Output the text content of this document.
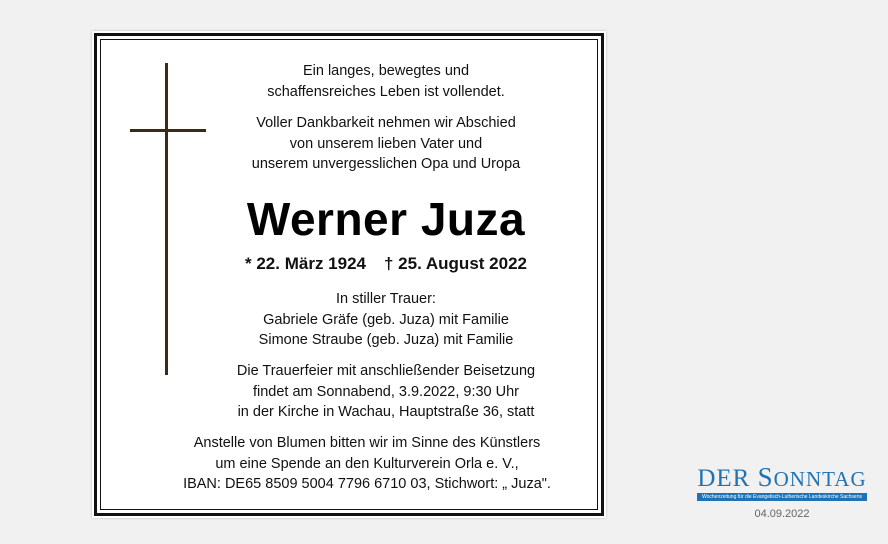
Ein langes, bewegtes und
schaffensreiches Leben ist vollendet.
Voller Dankbarkeit nehmen wir Abschied
von unserem lieben Vater und
unserem unvergesslichen Opa und Uropa
Werner Juza
* 22. März 1924 † 25. August 2022
In stiller Trauer:
Gabriele Gräfe (geb. Juza) mit Familie
Simone Straube (geb. Juza) mit Familie
Die Trauerfeier mit anschließender Beisetzung
findet am Sonnabend, 3.9.2022, 9:30 Uhr
in der Kirche in Wachau, Hauptstraße 36, statt
Anstelle von Blumen bitten wir im Sinne des Künstlers
um eine Spende an den Kulturverein Orla e. V.,
IBAN: DE65 8509 5004 7796 6710 03, Stichwort: „ Juza".	DER SONNTAG
Wochenzeitung für die Evangelisch-Lutherische Landeskirche Sachsens
04.09.2022
